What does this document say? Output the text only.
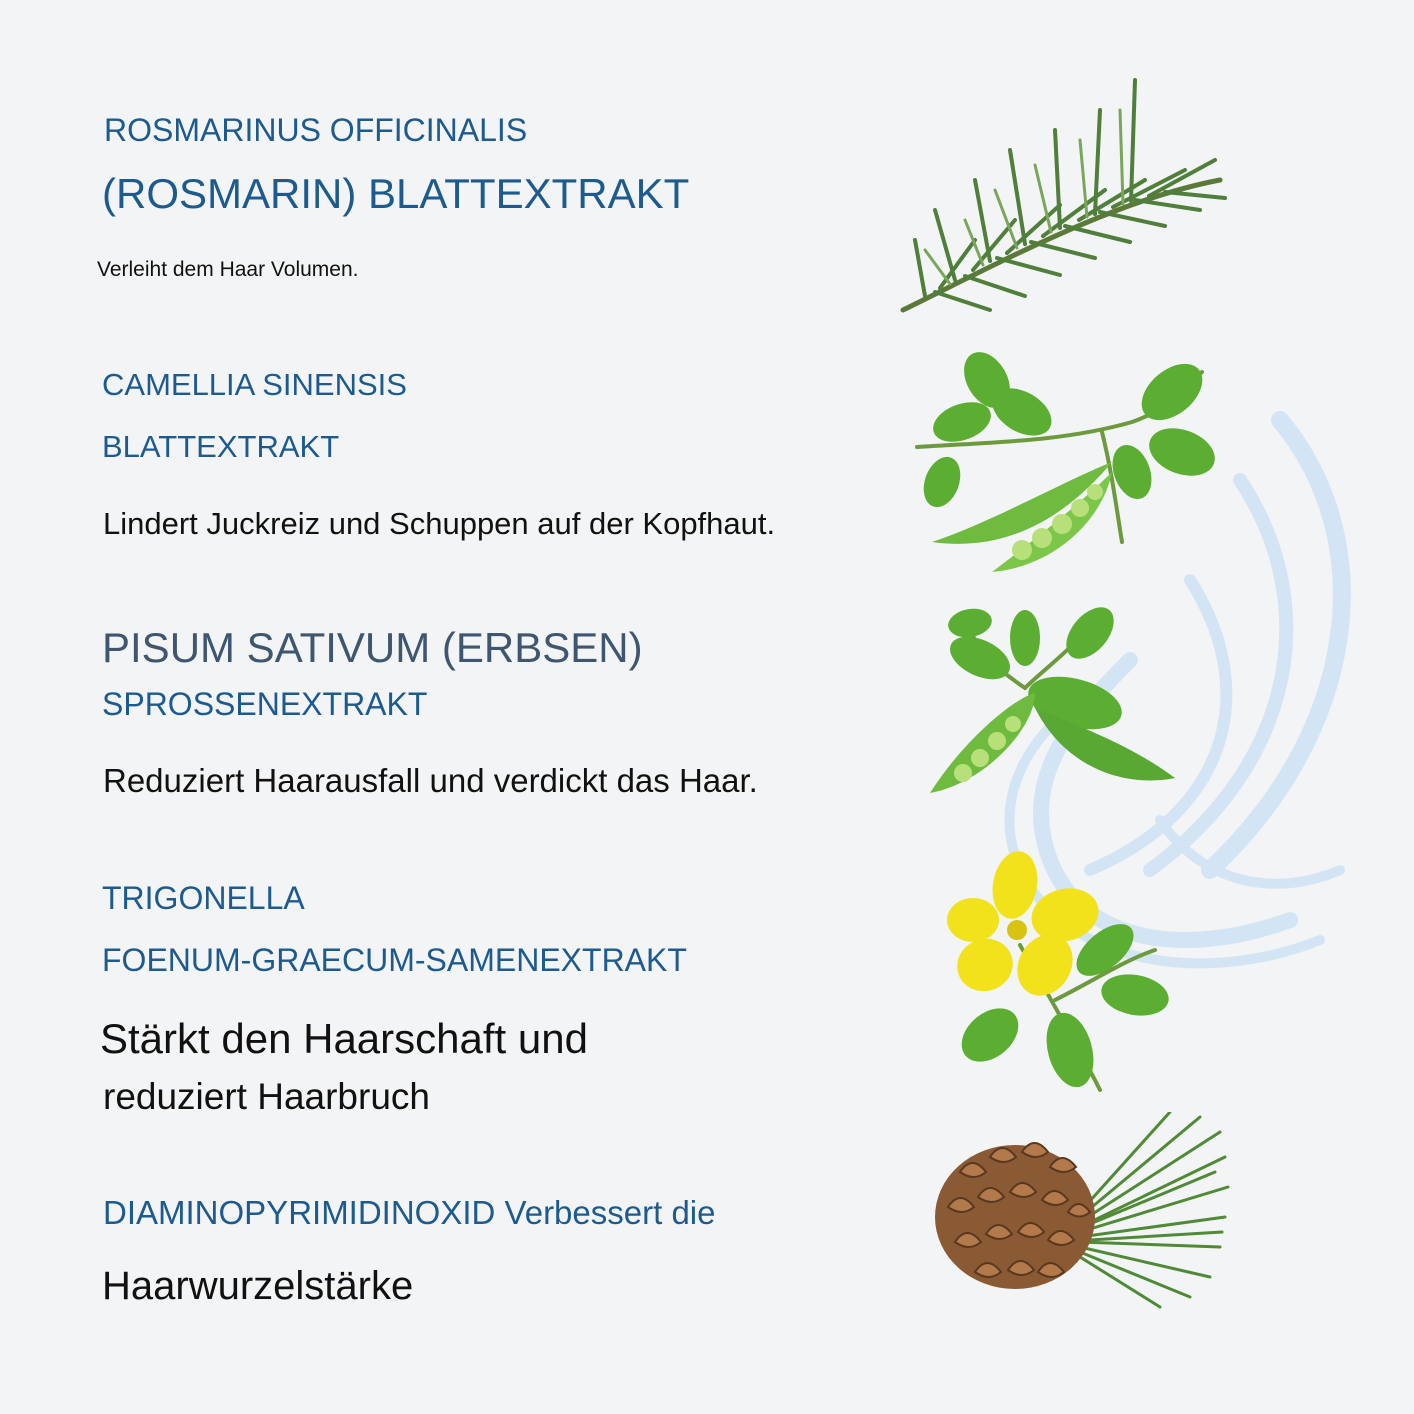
ROSMARINUS OFFICINALIS

(ROSMARIN) BLATTEXTRAKT

Verleiht dem Haar Volumen.

CAMELLIA SINENSIS

BLATTEXTRAKT

Lindert Juckreiz und Schuppen auf der Kopfhaut.

PISUM SATIVUM (ERBSEN)

SPROSSENEXTRAKT

Reduziert Haarausfall und verdickt das Haar.

TRIGONELLA

FOENUM-GRAECUM-SAMENEXTRAKT

Stärkt den Haarschaft und

reduziert Haarbruch

DIAMINOPYRIMIDINOXID Verbessert die

Haarwurzelstärke
